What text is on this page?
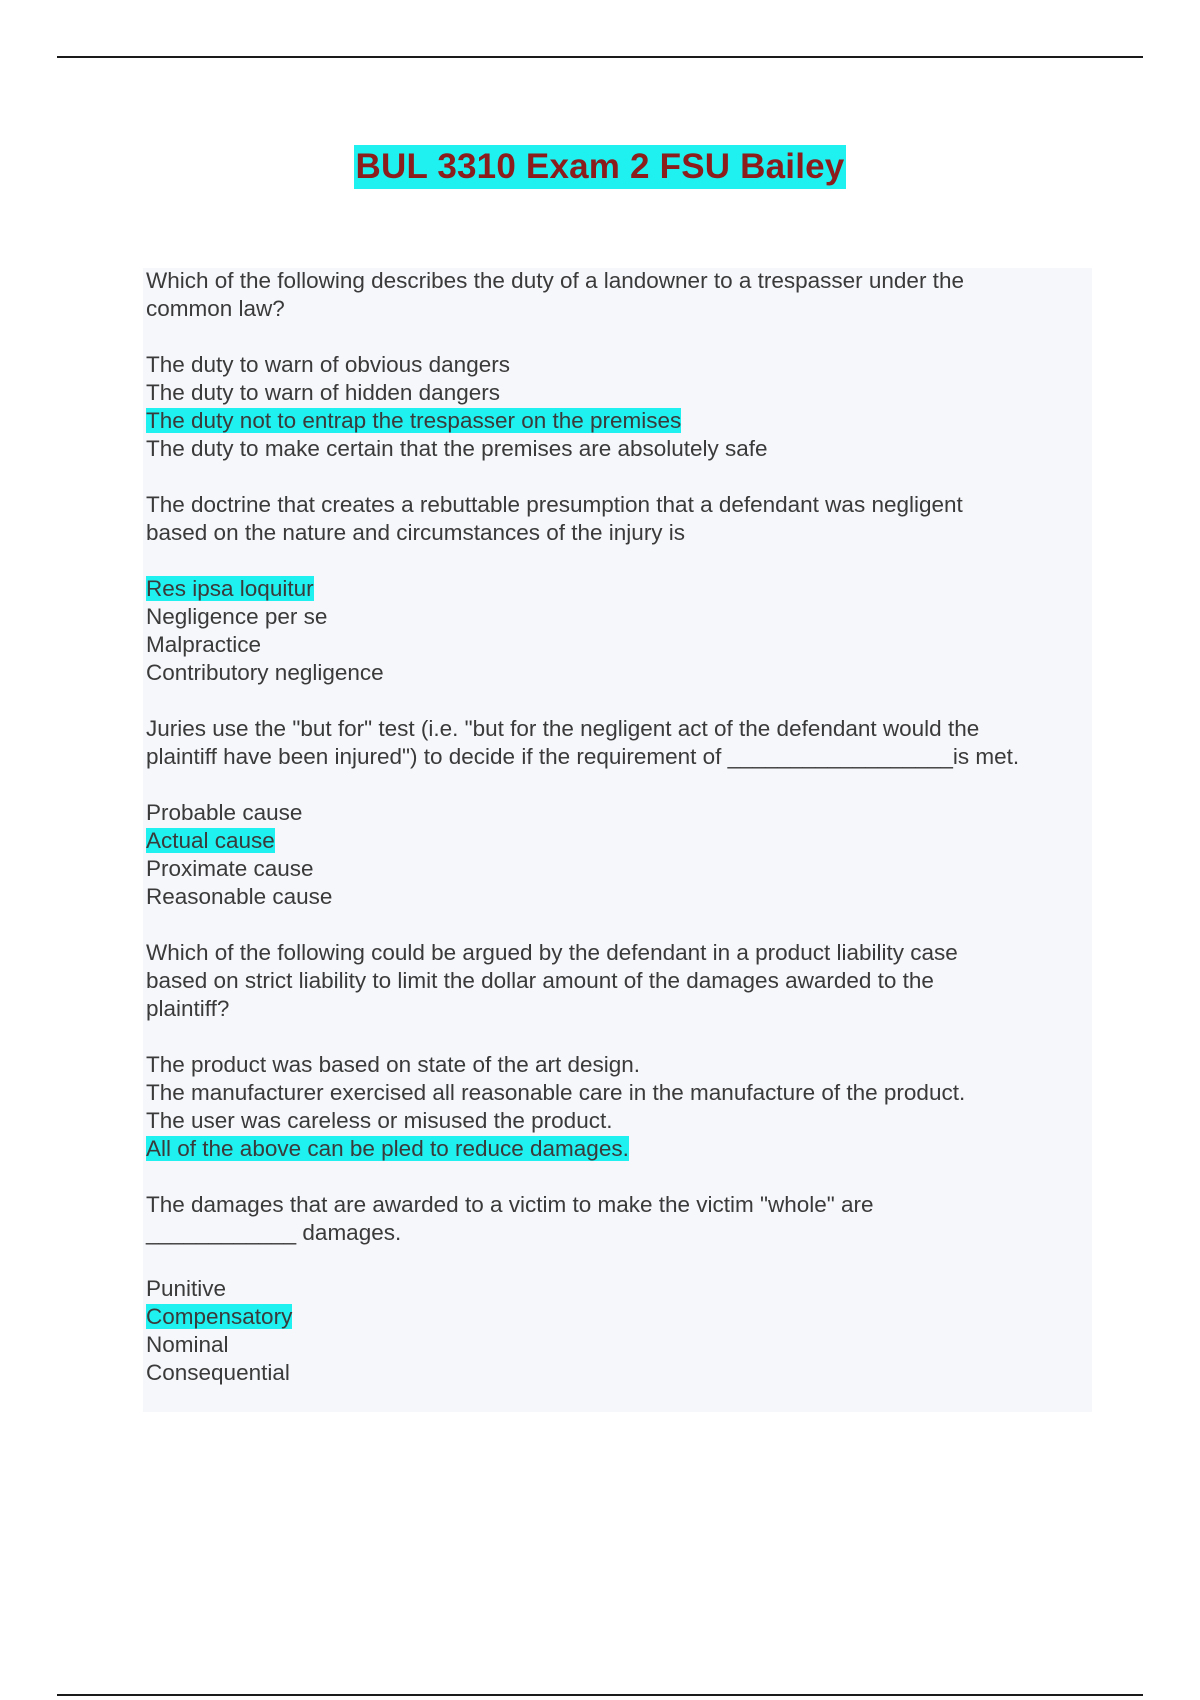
BUL 3310 Exam 2 FSU Bailey
Which of the following describes the duty of a landowner to a trespasser under the
common law?
The duty to warn of obvious dangers
The duty to warn of hidden dangers
The duty not to entrap the trespasser on the premises
The duty to make certain that the premises are absolutely safe
The doctrine that creates a rebuttable presumption that a defendant was negligent
based on the nature and circumstances of the injury is
Res ipsa loquitur
Negligence per se
Malpractice
Contributory negligence
Juries use the "but for" test (i.e. "but for the negligent act of the defendant would the
plaintiff have been injured") to decide if the requirement of __________________is met.
Probable cause
Actual cause
Proximate cause
Reasonable cause
Which of the following could be argued by the defendant in a product liability case
based on strict liability to limit the dollar amount of the damages awarded to the
plaintiff?
The product was based on state of the art design.
The manufacturer exercised all reasonable care in the manufacture of the product.
The user was careless or misused the product.
All of the above can be pled to reduce damages.
The damages that are awarded to a victim to make the victim "whole" are
____________ damages.
Punitive
Compensatory
Nominal
Consequential
